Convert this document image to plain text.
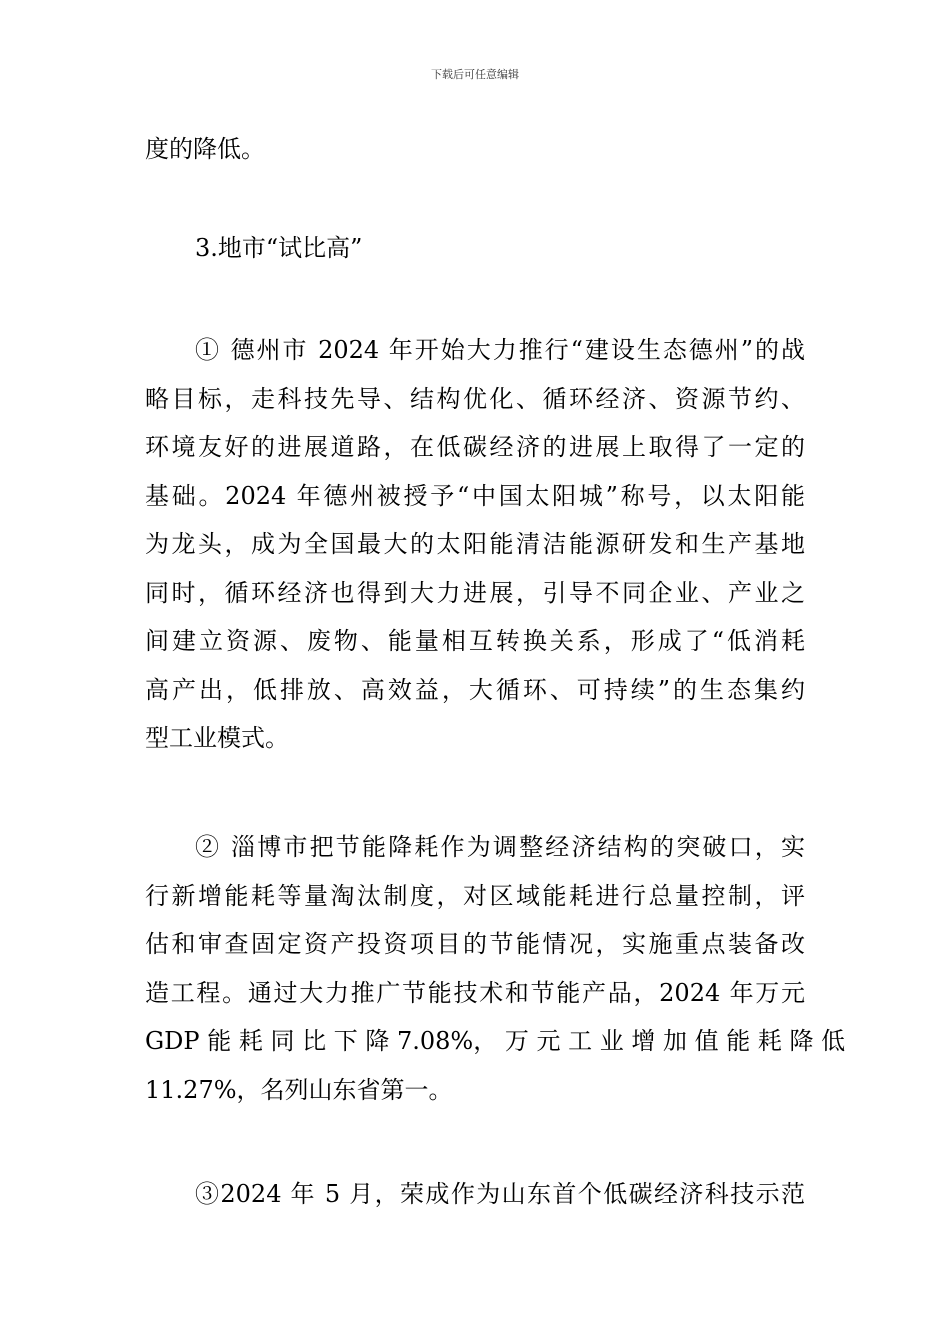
下载后可任意编辑

度的降低。

3.地市“试比高”

① 德州市 2024 年开始大力推行“建设生态德州”的战
略目标，走科技先导、结构优化、循环经济、资源节约、
环境友好的进展道路，在低碳经济的进展上取得了一定的
基础。2024 年德州被授予“中国太阳城”称号，以太阳能
为龙头，成为全国最大的太阳能清洁能源研发和生产基地
同时，循环经济也得到大力进展，引导不同企业、产业之
间建立资源、废物、能量相互转换关系，形成了“低消耗
高产出，低排放、高效益，大循环、可持续”的生态集约
型工业模式。
② 淄博市把节能降耗作为调整经济结构的突破口，实
行新增能耗等量淘汰制度，对区域能耗进行总量控制，评
估和审查固定资产投资项目的节能情况，实施重点装备改
造工程。通过大力推广节能技术和节能产品，2024 年万元
GDP 能 耗 同 比 下 降 7.08%， 万 元 工 业 增 加 值 能 耗 降 低
11.27%，名列山东省第一。
③2024 年 5 月，荣成作为山东首个低碳经济科技示范
